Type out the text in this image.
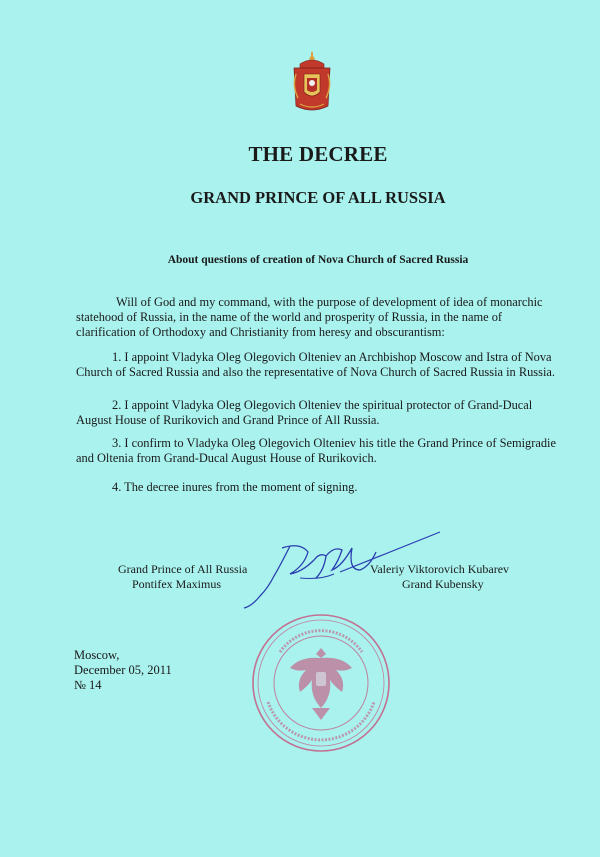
THE DECREE
GRAND PRINCE OF ALL RUSSIA
About questions of creation of Nova Church of Sacred Russia

Will of God and my command, with the purpose of development of idea of monarchic statehood of Russia, in the name of the world and prosperity of Russia, in the name of clarification of Orthodoxy and Christianity from heresy and obscurantism:

1. I appoint Vladyka Oleg Olegovich Olteniev an Archbishop Moscow and Istra of Nova Church of Sacred Russia and also the representative of Nova Church of Sacred Russia in Russia.

2. I appoint Vladyka Oleg Olegovich Olteniev the spiritual protector of Grand-Ducal August House of Rurikovich and Grand Prince of All Russia.

3. I confirm to Vladyka Oleg Olegovich Olteniev his title the Grand Prince of Semigradie and Oltenia from Grand-Ducal August House of Rurikovich.

4. The decree inures from the moment of signing.

Grand Prince of All Russia
Pontifex Maximus
Valeriy Viktorovich Kubarev
Grand Kubensky
Moscow,
December 05, 2011
№ 14
